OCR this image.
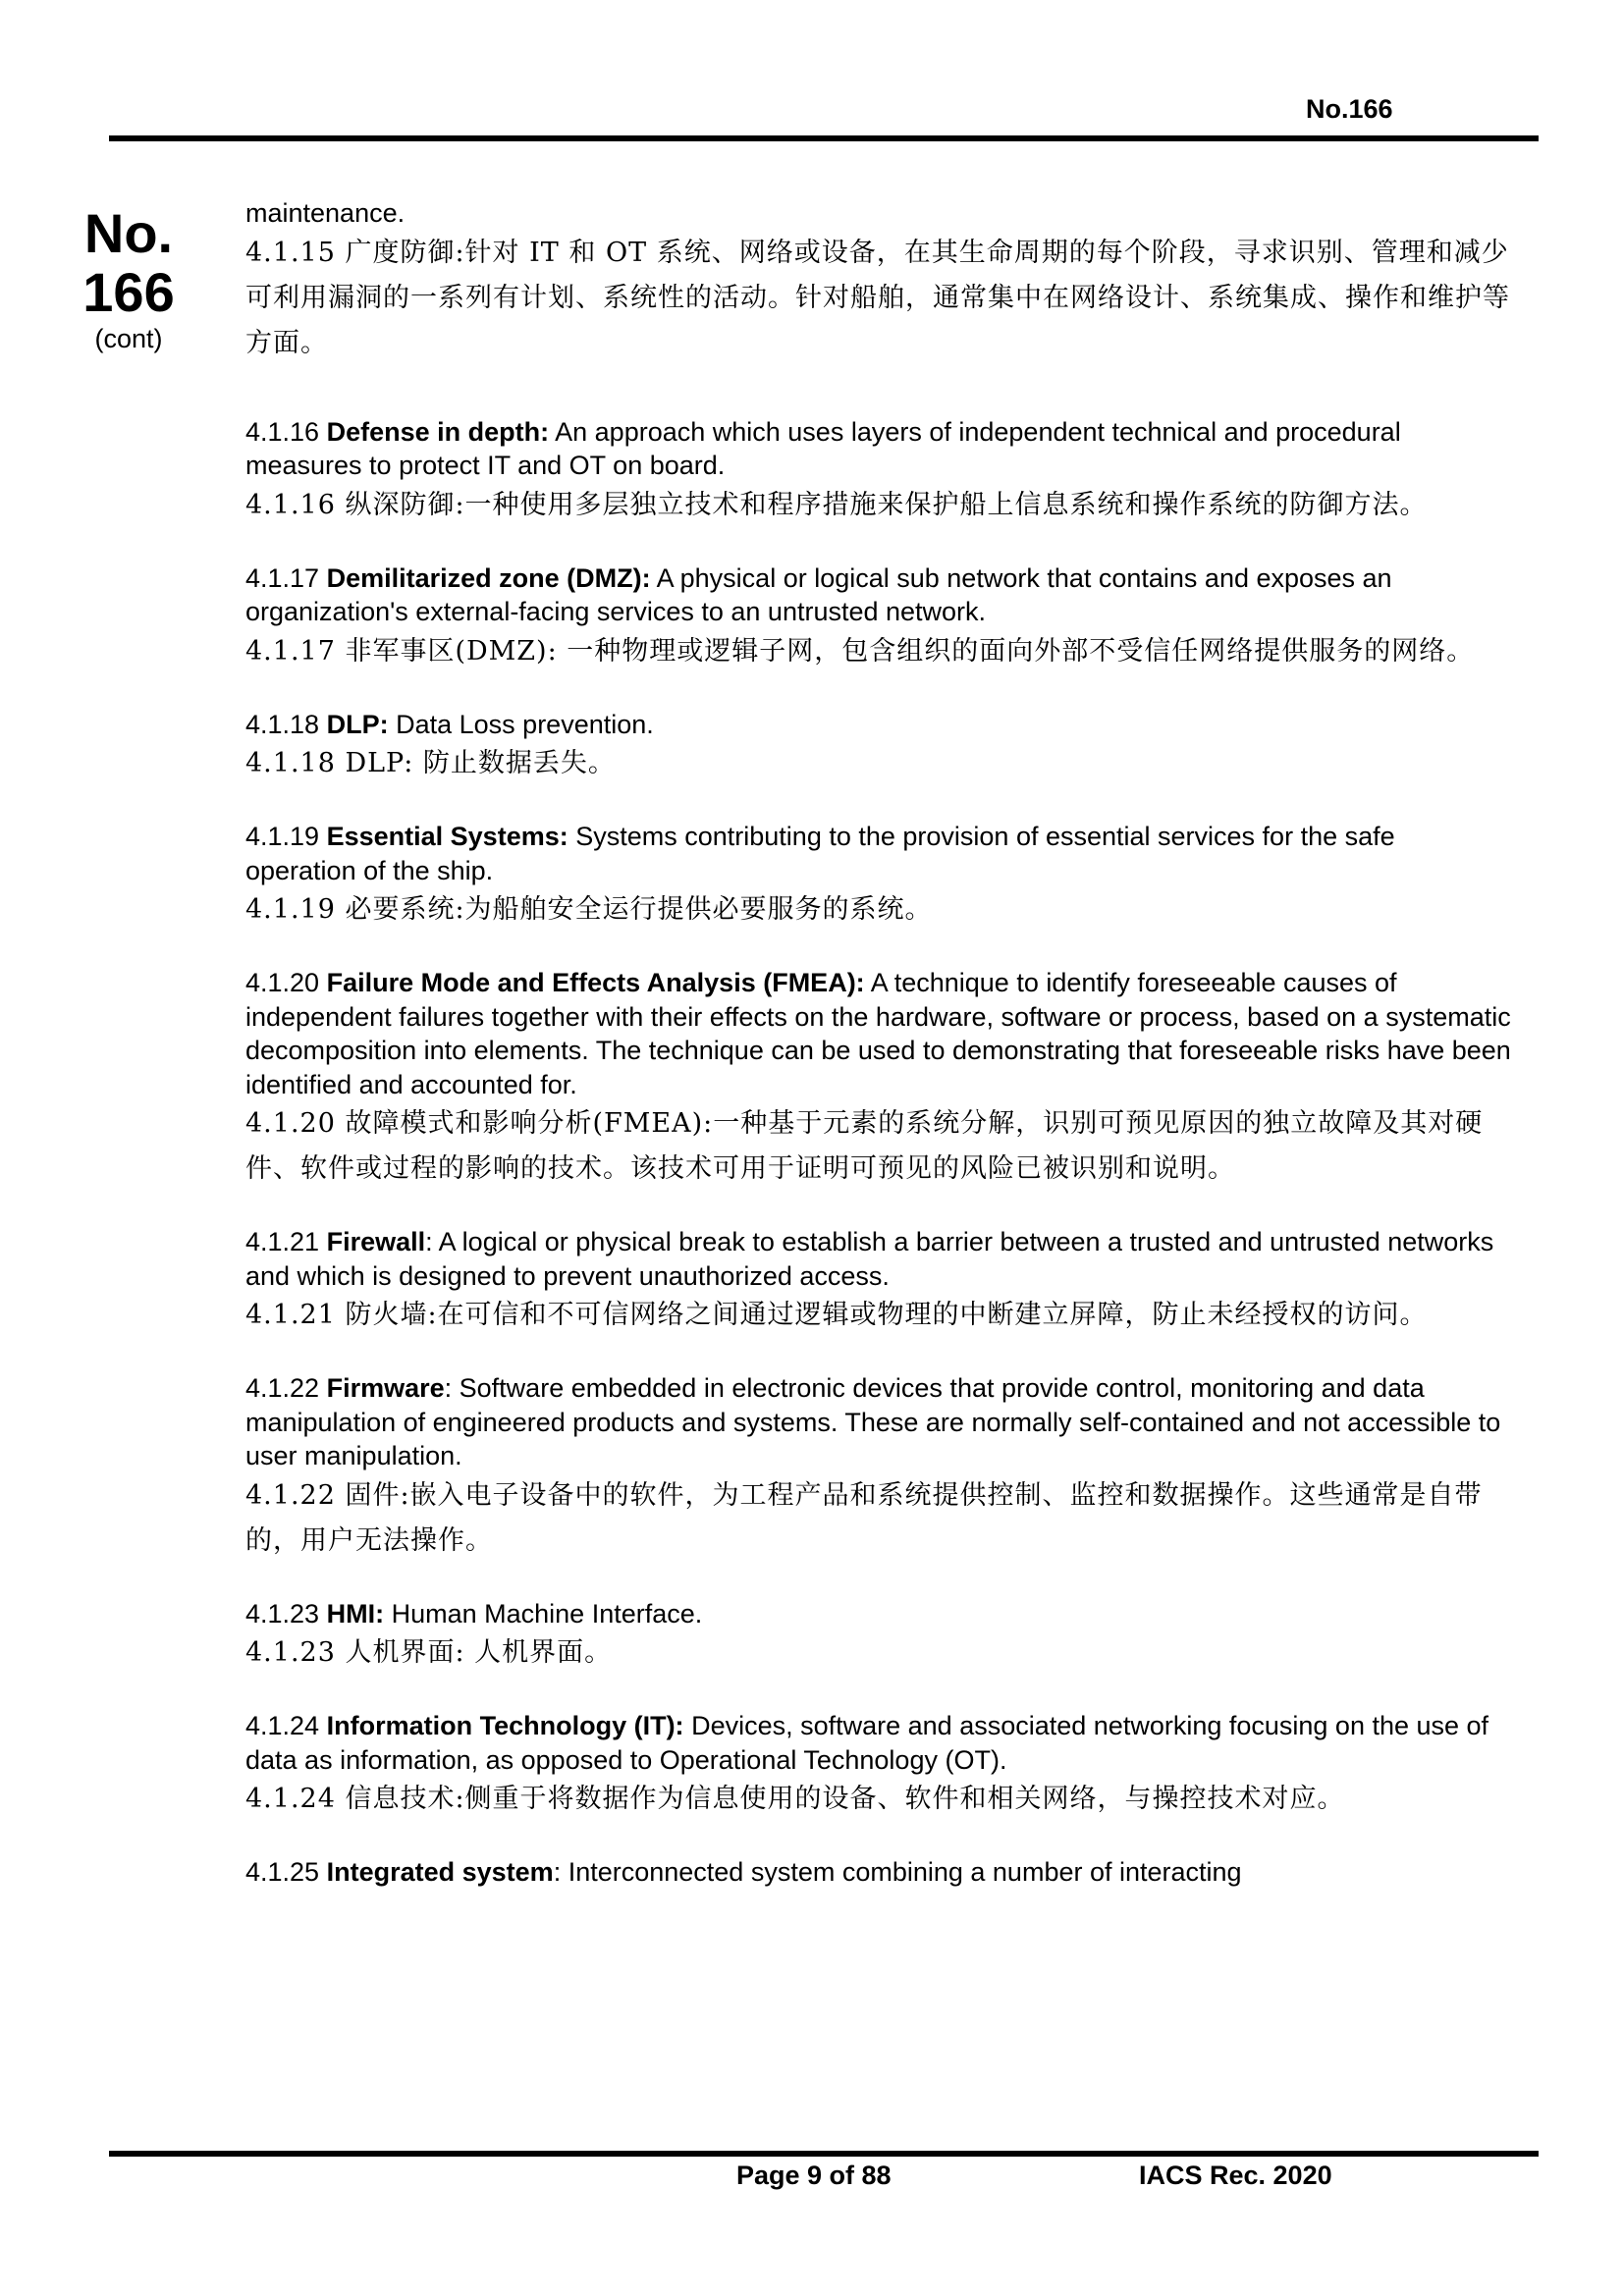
No.166
No.
166
(cont)

maintenance.

4.1.15 广度防御:针对 IT 和 OT 系统、网络或设备，在其生命周期的每个阶段，寻求识别、管理和减少可利用漏洞的一系列有计划、系统性的活动。针对船舶，通常集中在网络设计、系统集成、操作和维护等方面。

4.1.16 Defense in depth: An approach which uses layers of independent technical and procedural measures to protect IT and OT on board.

4.1.16 纵深防御:一种使用多层独立技术和程序措施来保护船上信息系统和操作系统的防御方法。

4.1.17 Demilitarized zone (DMZ): A physical or logical sub network that contains and exposes an organization's external-facing services to an untrusted network.

4.1.17 非军事区(DMZ): 一种物理或逻辑子网，包含组织的面向外部不受信任网络提供服务的网络。

4.1.18 DLP: Data Loss prevention.

4.1.18 DLP: 防止数据丢失。

4.1.19 Essential Systems: Systems contributing to the provision of essential services for the safe operation of the ship.

4.1.19 必要系统:为船舶安全运行提供必要服务的系统。

4.1.20 Failure Mode and Effects Analysis (FMEA): A technique to identify foreseeable causes of independent failures together with their effects on the hardware, software or process, based on a systematic decomposition into elements. The technique can be used to demonstrating that foreseeable risks have been identified and accounted for.

4.1.20 故障模式和影响分析(FMEA):一种基于元素的系统分解，识别可预见原因的独立故障及其对硬件、软件或过程的影响的技术。该技术可用于证明可预见的风险已被识别和说明。

4.1.21 Firewall: A logical or physical break to establish a barrier between a trusted and untrusted networks and which is designed to prevent unauthorized access.

4.1.21 防火墙:在可信和不可信网络之间通过逻辑或物理的中断建立屏障，防止未经授权的访问。

4.1.22 Firmware: Software embedded in electronic devices that provide control, monitoring and data manipulation of engineered products and systems. These are normally self-contained and not accessible to user manipulation.

4.1.22 固件:嵌入电子设备中的软件，为工程产品和系统提供控制、监控和数据操作。这些通常是自带的，用户无法操作。

4.1.23 HMI: Human Machine Interface.

4.1.23 人机界面: 人机界面。

4.1.24 Information Technology (IT): Devices, software and associated networking focusing on the use of data as information, as opposed to Operational Technology (OT).

4.1.24 信息技术:侧重于将数据作为信息使用的设备、软件和相关网络，与操控技术对应。

4.1.25 Integrated system: Interconnected system combining a number of interacting

Page 9 of 88	IACS Rec. 2020
